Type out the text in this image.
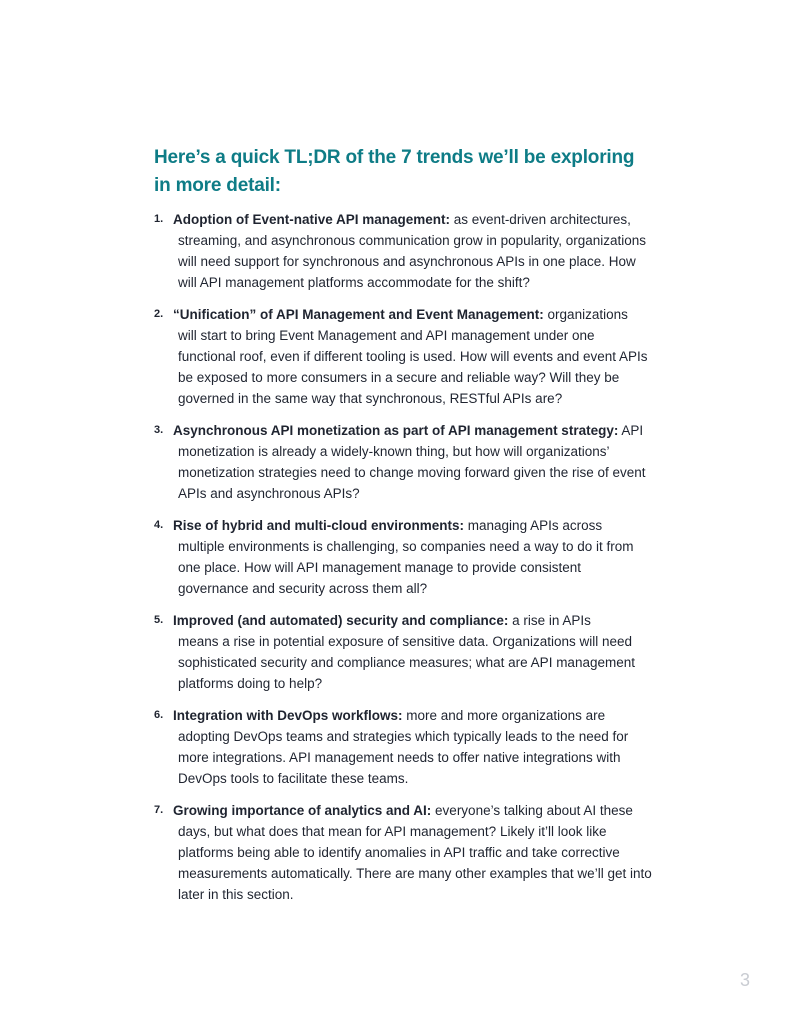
Here’s a quick TL;DR of the 7 trends we’ll be exploring in more detail:
1. Adoption of Event-native API management: as event-driven architectures,
streaming, and asynchronous communication grow in popularity, organizations will need support for synchronous and asynchronous APIs in one place. How will API management platforms accommodate for the shift?
2. “Unification” of API Management and Event Management: organizations
will start to bring Event Management and API management under one functional roof, even if different tooling is used. How will events and event APIs be exposed to more consumers in a secure and reliable way? Will they be governed in the same way that synchronous, RESTful APIs are?
3. Asynchronous API monetization as part of API management strategy: API
monetization is already a widely-known thing, but how will organizations’ monetization strategies need to change moving forward given the rise of event APIs and asynchronous APIs?
4. Rise of hybrid and multi-cloud environments: managing APIs across
multiple environments is challenging, so companies need a way to do it from one place. How will API management manage to provide consistent governance and security across them all?
5. Improved (and automated) security and compliance: a rise in APIs
means a rise in potential exposure of sensitive data. Organizations will need sophisticated security and compliance measures; what are API management platforms doing to help?
6. Integration with DevOps workflows: more and more organizations are
adopting DevOps teams and strategies which typically leads to the need for more integrations. API management needs to offer native integrations with DevOps tools to facilitate these teams.
7. Growing importance of analytics and AI: everyone’s talking about AI these
days, but what does that mean for API management? Likely it’ll look like platforms being able to identify anomalies in API traffic and take corrective measurements automatically. There are many other examples that we’ll get into later in this section.
3
